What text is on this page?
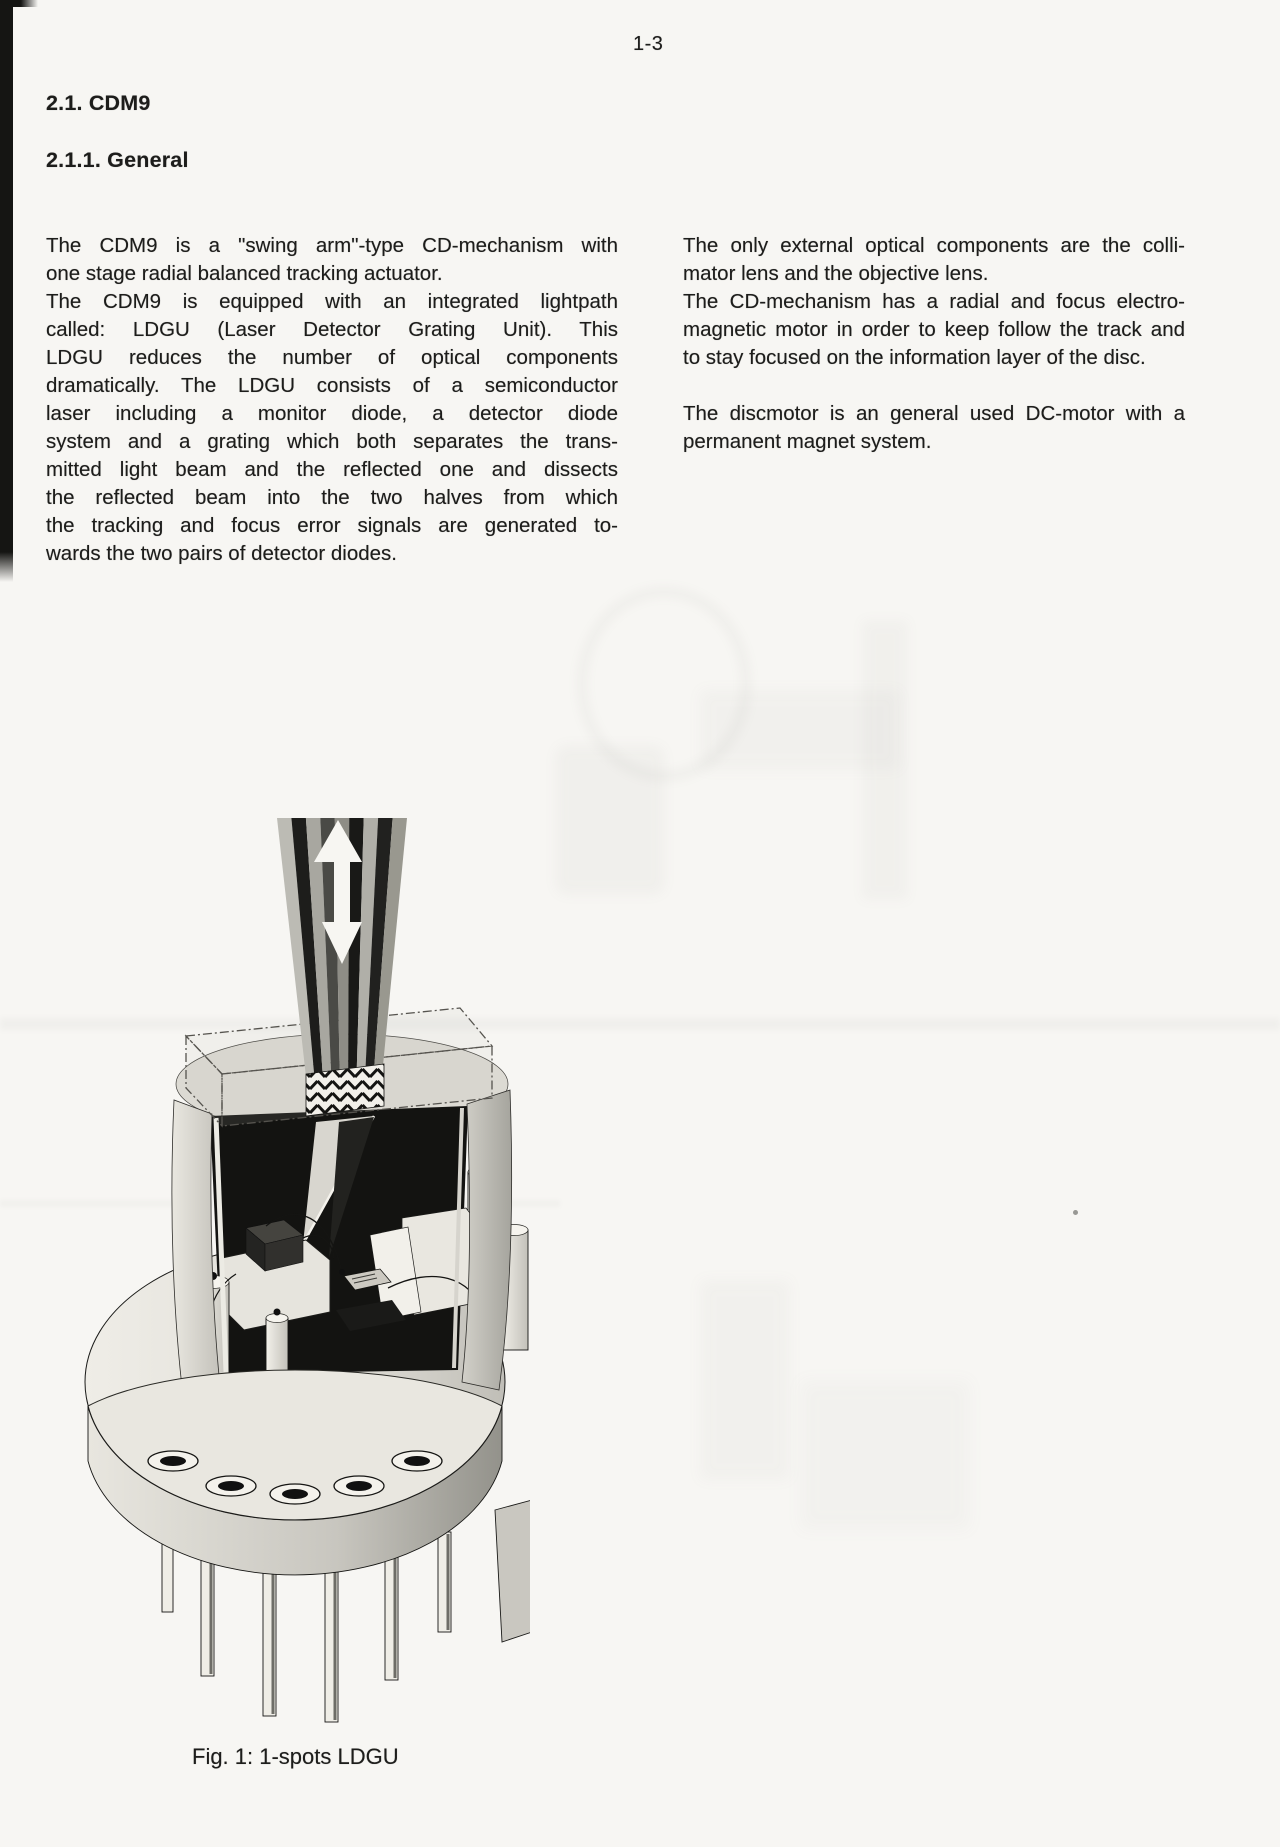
1-3
2.1. CDM9
2.1.1. General
The CDM9 is a "swing arm"-type CD-mechanism with
one stage radial balanced tracking actuator.
The CDM9 is equipped with an integrated lightpath
called: LDGU (Laser Detector Grating Unit). This
LDGU reduces the number of optical components
dramatically. The LDGU consists of a semiconductor
laser including a monitor diode, a detector diode
system and a grating which both separates the trans-
mitted light beam and the reflected one and dissects
the reflected beam into the two halves from which
the tracking and focus error signals are generated to-
wards the two pairs of detector diodes.
The only external optical components are the colli-
mator lens and the objective lens.
The CD-mechanism has a radial and focus electro-
magnetic motor in order to keep follow the track and
to stay focused on the information layer of the disc.
The discmotor is an general used DC-motor with a
permanent magnet system.
Fig. 1: 1-spots LDGU
